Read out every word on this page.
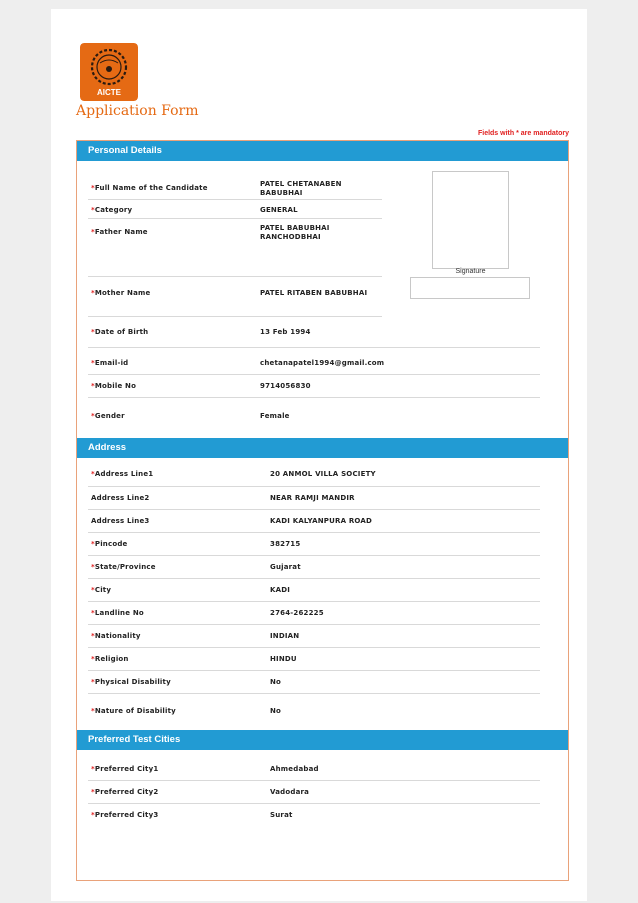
AICTE
Application Form
Fields with * are mandatory
Personal Details
Signature
*Full Name of the Candidate	PATEL CHETANABEN BABUBHAI
*Category	GENERAL
*Father Name	PATEL BABUBHAI RANCHODBHAI
*Mother Name	PATEL RITABEN BABUBHAI
*Date of Birth	13 Feb 1994
*Email-id	chetanapatel1994@gmail.com
*Mobile No	9714056830
*Gender	Female
Address
*Address Line1	20 ANMOL VILLA SOCIETY
Address Line2	NEAR RAMJI MANDIR
Address Line3	KADI KALYANPURA ROAD
*Pincode	382715
*State/Province	Gujarat
*City	KADI
*Landline No	2764-262225
*Nationality	INDIAN
*Religion	HINDU
*Physical Disability	No
*Nature of Disability	No
Preferred Test Cities
*Preferred City1	Ahmedabad
*Preferred City2	Vadodara
*Preferred City3	Surat
